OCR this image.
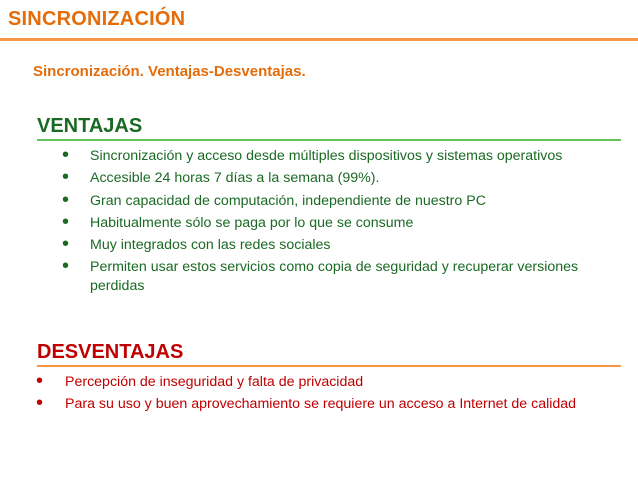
SINCRONIZACIÓN
Sincronización. Ventajas-Desventajas.
VENTAJAS
• Sincronización y acceso desde múltiples dispositivos y sistemas operativos
• Accesible 24 horas 7 días a la semana (99%).
• Gran capacidad de computación, independiente de nuestro PC
• Habitualmente sólo se paga por lo que se consume
• Muy integrados con las redes sociales
• Permiten usar estos servicios como copia de seguridad y recuperar versiones perdidas
DESVENTAJAS
• Percepción de inseguridad y falta de privacidad
• Para su uso y buen aprovechamiento se requiere un acceso a Internet de calidad
